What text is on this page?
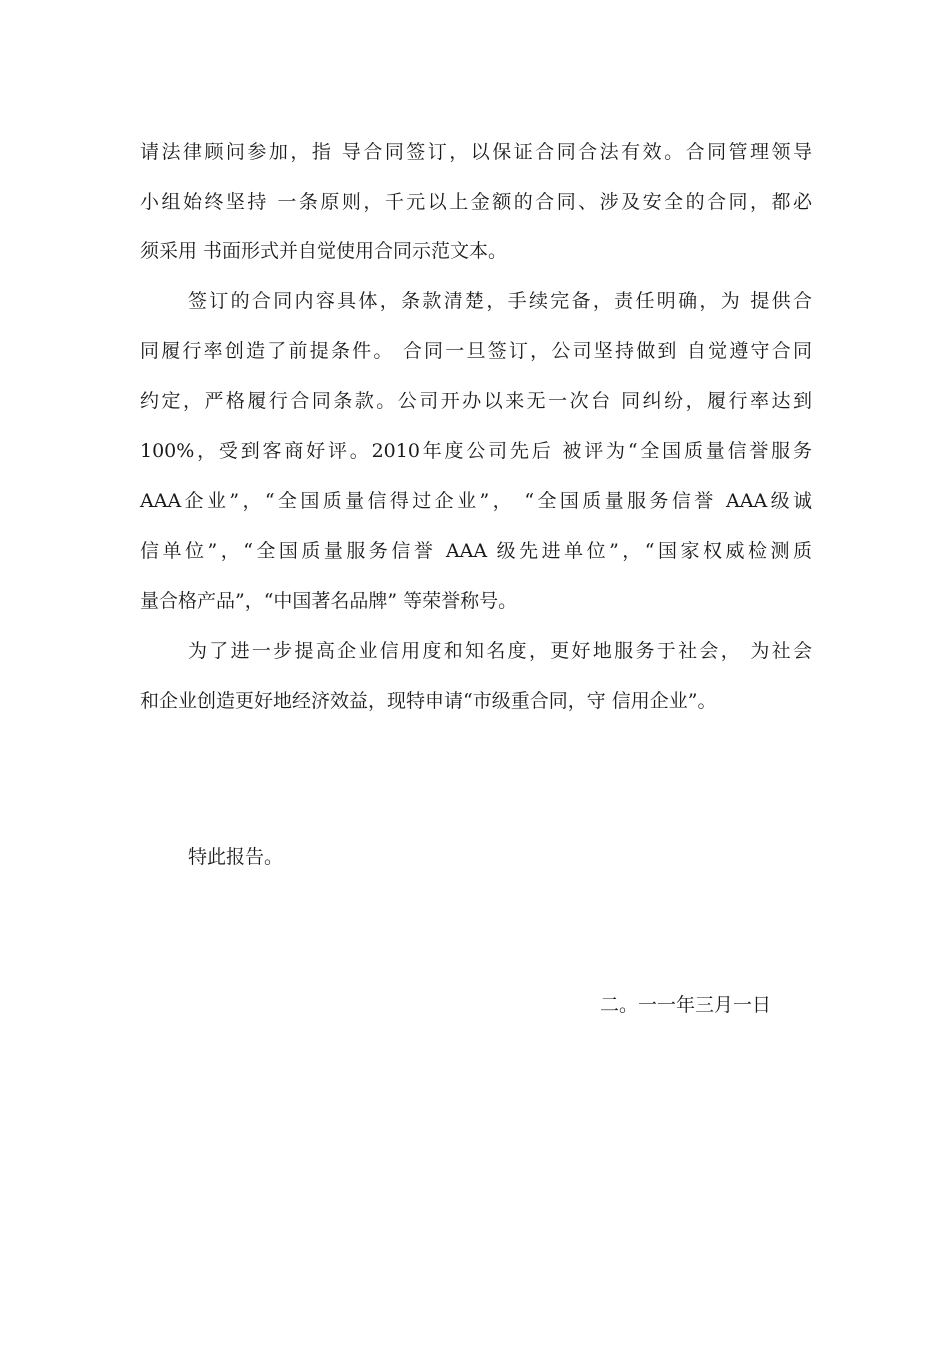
请法律顾问参加，指 导合同签订，以保证合同合法有效。合同管理领导
小组始终坚持 一条原则，千元以上金额的合同、涉及安全的合同，都必
须采用 书面形式并自觉使用合同示范文本。
签订的合同内容具体，条款清楚，手续完备，责任明确，为 提供合
同履行率创造了前提条件。 合同一旦签订，公司坚持做到 自觉遵守合同
约定，严格履行合同条款。公司开办以来无一次台 同纠纷，履行率达到
100%，受到客商好评。2010年度公司先后 被评为“全国质量信誉服务
AAA企业”，“全国质量信得过企业”， “全国质量服务信誉 AAA级诚
信单位”，“全国质量服务信誉 AAA 级先进单位”，“国家权威检测质
量合格产品”，“中国著名品牌” 等荣誉称号。
为了进一步提高企业信用度和知名度，更好地服务于社会， 为社会
和企业创造更好地经济效益，现特申请“市级重合同，守 信用企业”。
特此报告。
二。一一年三月一日
